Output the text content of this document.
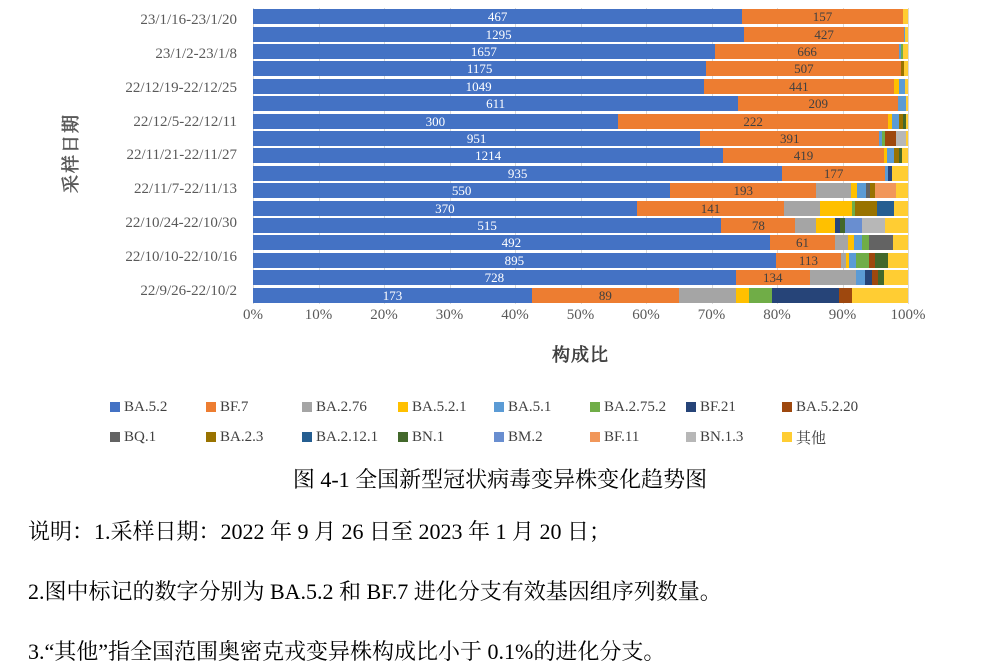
采样日期
23/1/16-23/1/20
23/1/2-23/1/8
22/12/19-22/12/25
22/12/5-22/12/11
22/11/21-22/11/27
22/11/7-22/11/13
22/10/24-22/10/30
22/10/10-22/10/16
22/9/26-22/10/2
467	157
1295	427
1657	666
1175	507
1049	441
611	209
300	222
951	391
1214	419
935	177
550	193
370	141
515	78
492	61
895	113
728	134
173	89
0%	10%	20%	30%	40%	50%	60%	70%	80%	90% 100%
构成比
BA.5.2	BF.7	BA.2.76	BA.5.2.1	BA.5.1	BA.2.75.2 BF.21	BA.5.2.20
BQ.1	BA.2.3	BA.2.12.1 BN.1	BM.2	BF.11	BN.1.3	其他
图 4-1 全国新型冠状病毒变异株变化趋势图
说明：1.采样日期：2022 年 9 月 26 日至 2023 年 1 月 20 日；
2.图中标记的数字分别为 BA.5.2 和 BF.7 进化分支有效基因组序列数量。
3.“其他”指全国范围奥密克戎变异株构成比小于 0.1%的进化分支。
